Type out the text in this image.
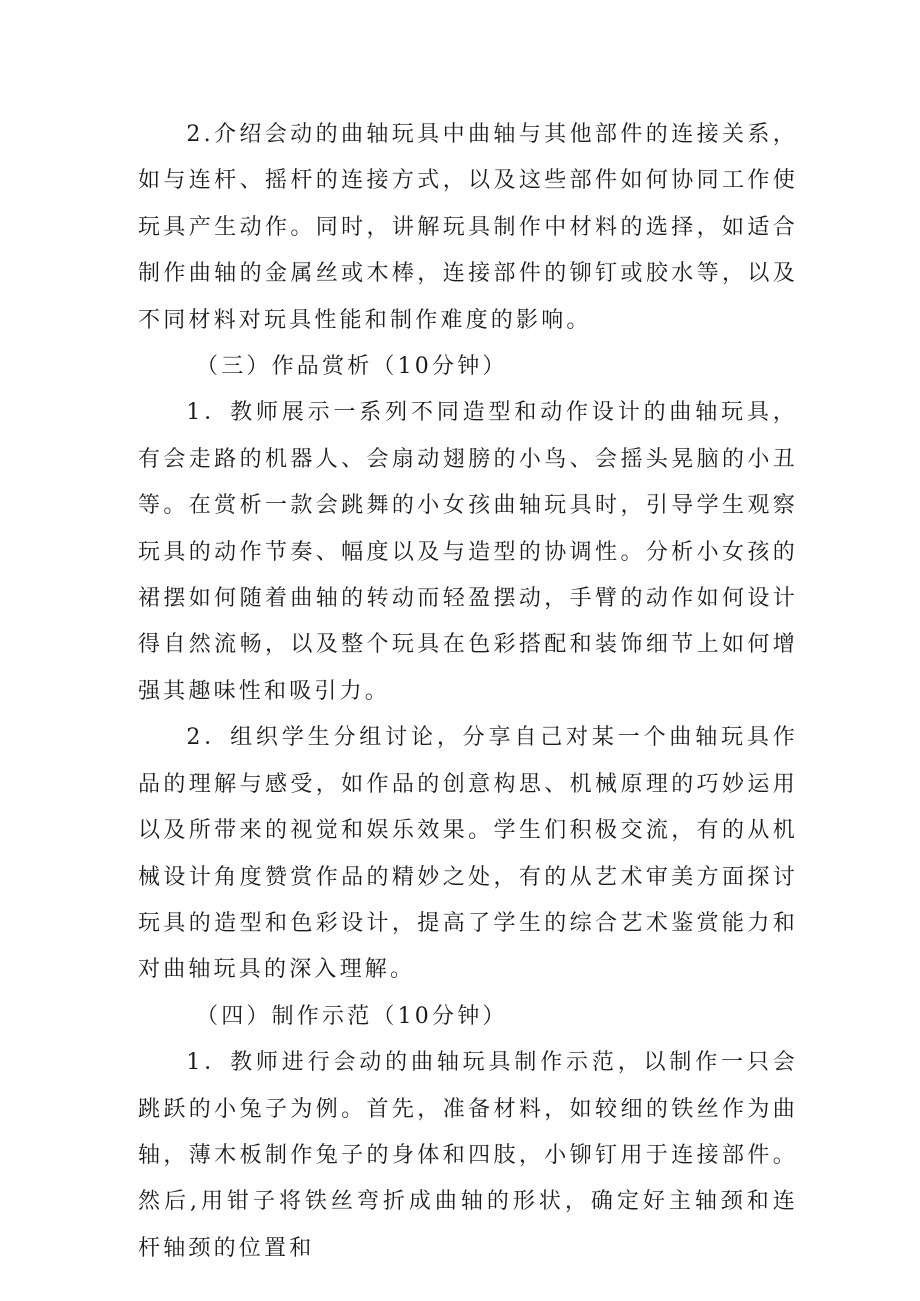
2.介绍会动的曲轴玩具中曲轴与其他部件的连接关系，如与连杆、摇杆的连接方式，以及这些部件如何协同工作使玩具产生动作。同时，讲解玩具制作中材料的选择，如适合制作曲轴的金属丝或木棒，连接部件的铆钉或胶水等，以及不同材料对玩具性能和制作难度的影响。

（三）作品赏析（10分钟）

1．教师展示一系列不同造型和动作设计的曲轴玩具，有会走路的机器人、会扇动翅膀的小鸟、会摇头晃脑的小丑等。在赏析一款会跳舞的小女孩曲轴玩具时，引导学生观察玩具的动作节奏、幅度以及与造型的协调性。分析小女孩的裙摆如何随着曲轴的转动而轻盈摆动，手臂的动作如何设计得自然流畅，以及整个玩具在色彩搭配和装饰细节上如何增强其趣味性和吸引力。

2．组织学生分组讨论，分享自己对某一个曲轴玩具作品的理解与感受，如作品的创意构思、机械原理的巧妙运用以及所带来的视觉和娱乐效果。学生们积极交流，有的从机械设计角度赞赏作品的精妙之处，有的从艺术审美方面探讨玩具的造型和色彩设计，提高了学生的综合艺术鉴赏能力和对曲轴玩具的深入理解。

（四）制作示范（10分钟）

1．教师进行会动的曲轴玩具制作示范，以制作一只会跳跃的小兔子为例。首先，准备材料，如较细的铁丝作为曲轴，薄木板制作兔子的身体和四肢，小铆钉用于连接部件。然后,用钳子将铁丝弯折成曲轴的形状，确定好主轴颈和连杆轴颈的位置和
